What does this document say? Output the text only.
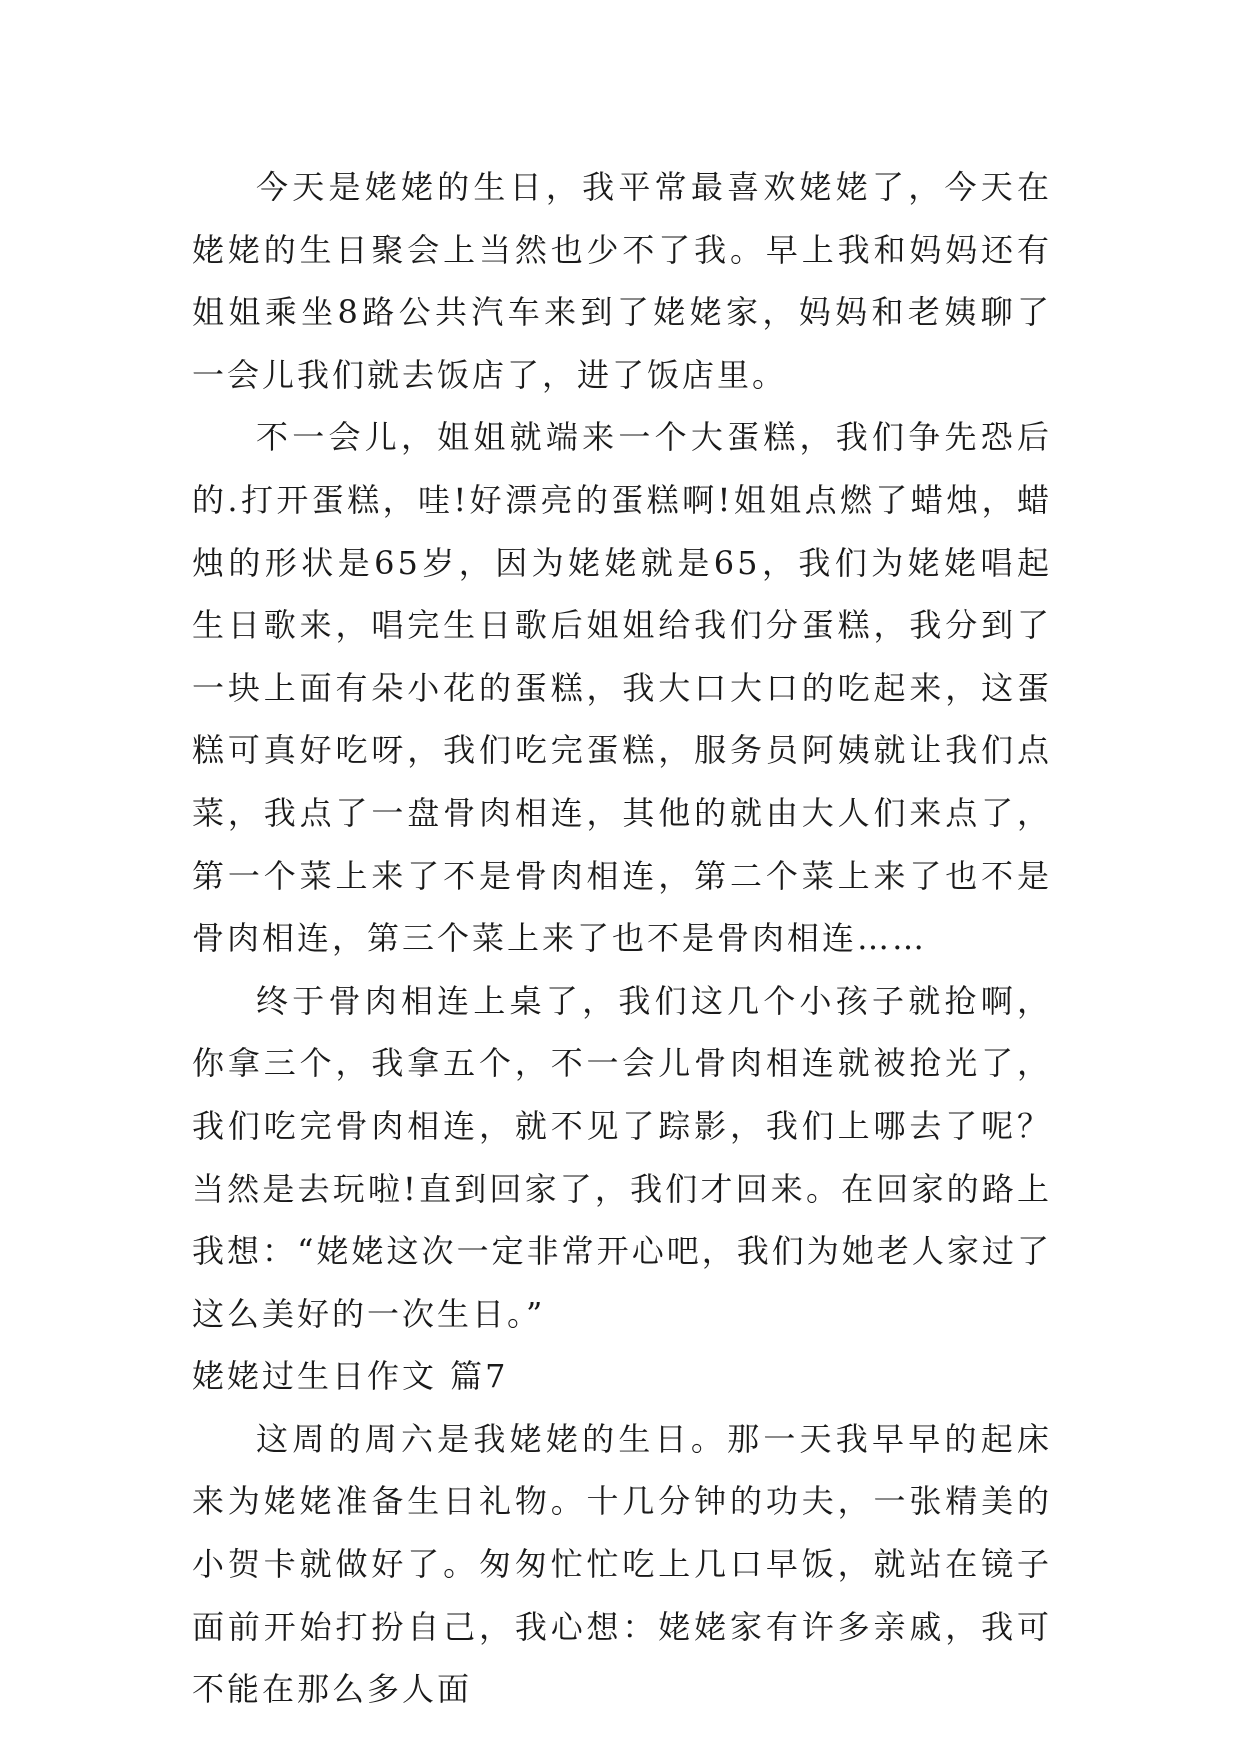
今天是姥姥的生日，我平常最喜欢姥姥了，今天在姥姥的生日聚会上当然也少不了我。早上我和妈妈还有姐姐乘坐8路公共汽车来到了姥姥家，妈妈和老姨聊了一会儿我们就去饭店了，进了饭店里。

不一会儿，姐姐就端来一个大蛋糕，我们争先恐后的.打开蛋糕，哇!好漂亮的蛋糕啊!姐姐点燃了蜡烛，蜡烛的形状是65岁，因为姥姥就是65，我们为姥姥唱起生日歌来，唱完生日歌后姐姐给我们分蛋糕，我分到了一块上面有朵小花的蛋糕，我大口大口的吃起来，这蛋糕可真好吃呀，我们吃完蛋糕，服务员阿姨就让我们点菜，我点了一盘骨肉相连，其他的就由大人们来点了，第一个菜上来了不是骨肉相连，第二个菜上来了也不是骨肉相连，第三个菜上来了也不是骨肉相连……

终于骨肉相连上桌了，我们这几个小孩子就抢啊，你拿三个，我拿五个，不一会儿骨肉相连就被抢光了，我们吃完骨肉相连，就不见了踪影，我们上哪去了呢？当然是去玩啦!直到回家了，我们才回来。在回家的路上我想：“姥姥这次一定非常开心吧，我们为她老人家过了这么美好的一次生日。”

姥姥过生日作文 篇7

这周的周六是我姥姥的生日。那一天我早早的起床来为姥姥准备生日礼物。十几分钟的功夫，一张精美的小贺卡就做好了。匆匆忙忙吃上几口早饭，就站在镜子面前开始打扮自己，我心想：姥姥家有许多亲戚，我可不能在那么多人面
